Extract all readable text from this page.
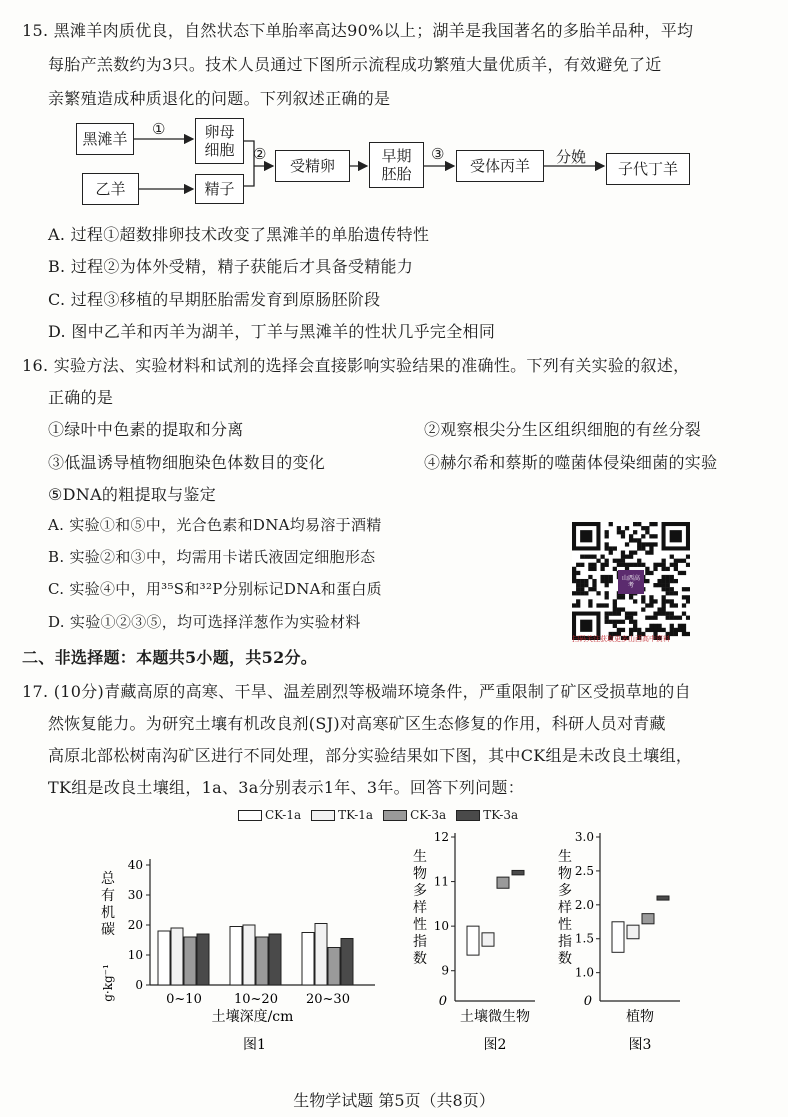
15. 黑滩羊肉质优良，自然状态下单胎率高达90%以上；湖羊是我国著名的多胎羊品种，平均
每胎产羔数约为3只。技术人员通过下图所示流程成功繁殖大量优质羊，有效避免了近
亲繁殖造成种质退化的问题。下列叙述正确的是
黑滩羊	卵母细胞
乙羊	精子
受精卵
早期胚胎	受体丙羊	子代丁羊
①
②	③	分娩
A. 过程①超数排卵技术改变了黑滩羊的单胎遗传特性
B. 过程②为体外受精，精子获能后才具备受精能力
C. 过程③移植的早期胚胎需发育到原肠胚阶段
D. 图中乙羊和丙羊为湖羊，丁羊与黑滩羊的性状几乎完全相同
16. 实验方法、实验材料和试剂的选择会直接影响实验结果的准确性。下列有关实验的叙述，
正确的是
①绿叶中色素的提取和分离	②观察根尖分生区组织细胞的有丝分裂
③低温诱导植物细胞染色体数目的变化	④赫尔希和蔡斯的噬菌体侵染细菌的实验
⑤DNA的粗提取与鉴定
A. 实验①和⑤中，光合色素和DNA均易溶于酒精
B. 实验②和③中，均需用卡诺氏液固定细胞形态
C. 实验④中，用³⁵S和³²P分别标记DNA和蛋白质
D. 实验①②③⑤，均可选择洋葱作为实验材料
山西高考
扫码关注获取更多山西高中资料
二、非选择题：本题共5小题，共52分。
17. (10分)青藏高原的高寒、干旱、温差剧烈等极端环境条件，严重限制了矿区受损草地的自
然恢复能力。为研究土壤有机改良剂(SJ)对高寒矿区生态修复的作用，科研人员对青藏
高原北部松树南沟矿区进行不同处理，部分实验结果如下图，其中CK组是未改良土壤组，
TK组是改良土壤组，1a、3a分别表示1年、3年。回答下列问题：
CK-1a	TK-1a	CK-3a	TK-3a
0
10
20
30
40
总
有
机
碳
g·kg⁻¹	0~10 10~20 20~30
土壤深度/cm
图1
0
9
10
11
12
生
物
多
样
性
指
数
土壤微生物
图2
0
1.0
1.5
2.0
2.5
3.0
生
物
多
样
性
指
数
植物
图3
生物学试题 第5页（共8页）
